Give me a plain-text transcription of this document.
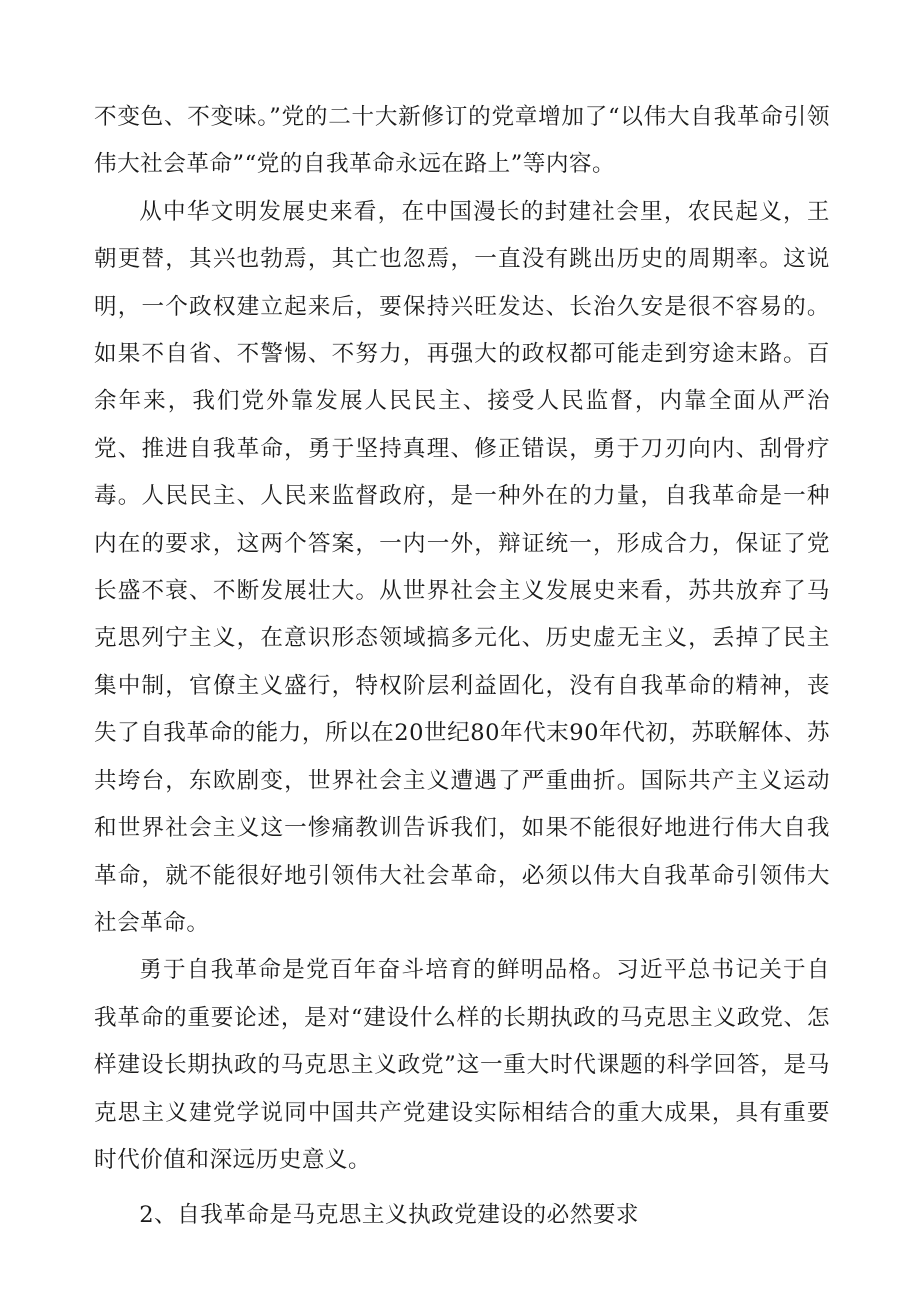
不变色、不变味。”党的二十大新修订的党章增加了“以伟大自我革命引领伟大社会革命”“党的自我革命永远在路上”等内容。

从中华文明发展史来看，在中国漫长的封建社会里，农民起义，王朝更替，其兴也勃焉，其亡也忽焉，一直没有跳出历史的周期率。这说明，一个政权建立起来后，要保持兴旺发达、长治久安是很不容易的。如果不自省、不警惕、不努力，再强大的政权都可能走到穷途末路。百余年来，我们党外靠发展人民民主、接受人民监督，内靠全面从严治党、推进自我革命，勇于坚持真理、修正错误，勇于刀刃向内、刮骨疗毒。人民民主、人民来监督政府，是一种外在的力量，自我革命是一种内在的要求，这两个答案，一内一外，辩证统一，形成合力，保证了党长盛不衰、不断发展壮大。从世界社会主义发展史来看，苏共放弃了马克思列宁主义，在意识形态领域搞多元化、历史虚无主义，丢掉了民主集中制，官僚主义盛行，特权阶层利益固化，没有自我革命的精神，丧失了自我革命的能力，所以在20世纪80年代末90年代初，苏联解体、苏共垮台，东欧剧变，世界社会主义遭遇了严重曲折。国际共产主义运动和世界社会主义这一惨痛教训告诉我们，如果不能很好地进行伟大自我革命，就不能很好地引领伟大社会革命，必须以伟大自我革命引领伟大社会革命。

勇于自我革命是党百年奋斗培育的鲜明品格。习近平总书记关于自我革命的重要论述，是对“建设什么样的长期执政的马克思主义政党、怎样建设长期执政的马克思主义政党”这一重大时代课题的科学回答，是马克思主义建党学说同中国共产党建设实际相结合的重大成果，具有重要时代价值和深远历史意义。

2、自我革命是马克思主义执政党建设的必然要求
